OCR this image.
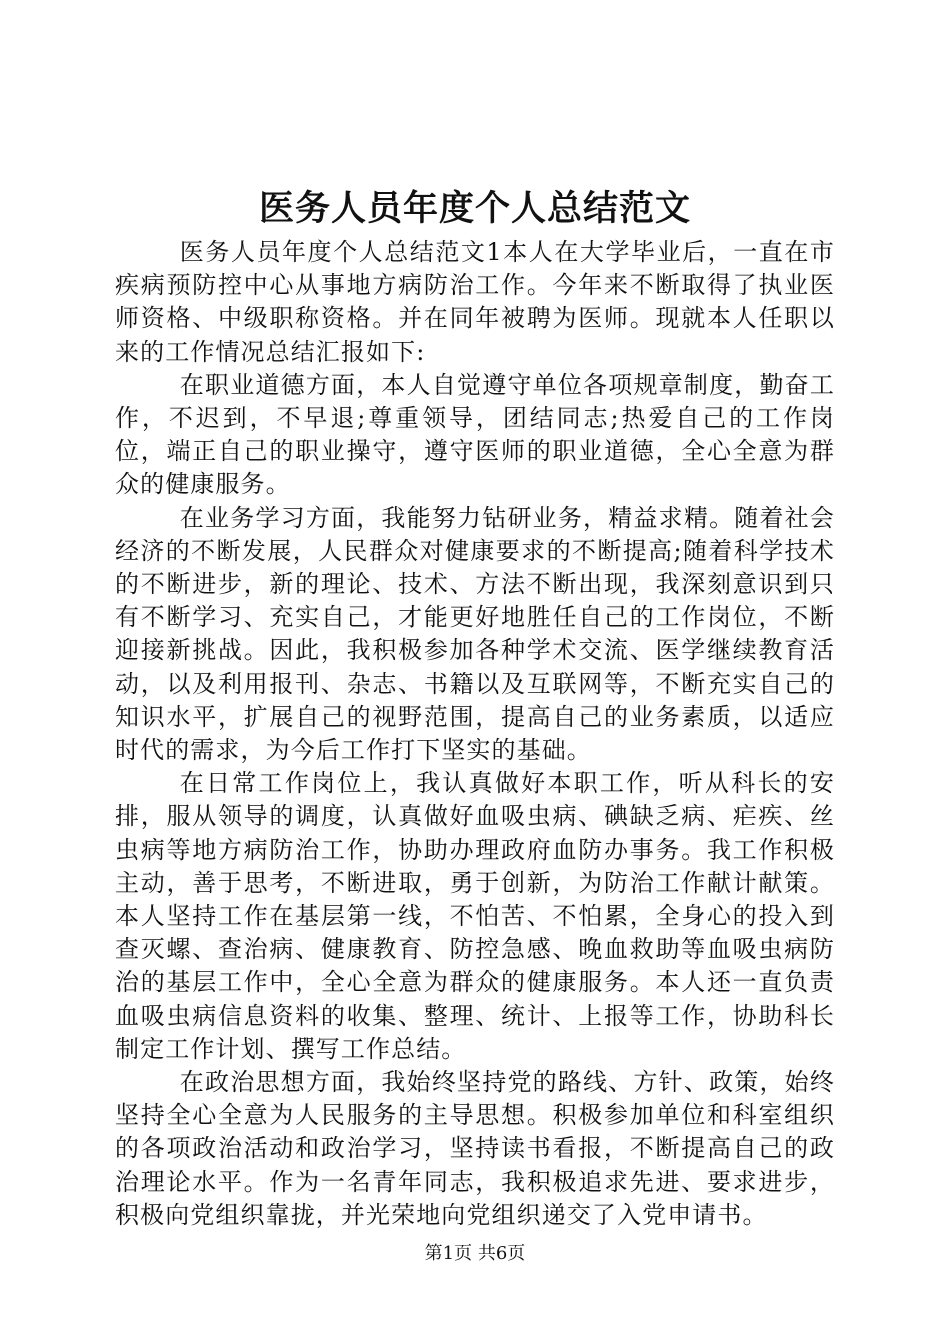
医务人员年度个人总结范文

医务人员年度个人总结范文1本人在大学毕业后，一直在市疾病预防控中心从事地方病防治工作。今年来不断取得了执业医师资格、中级职称资格。并在同年被聘为医师。现就本人任职以来的工作情况总结汇报如下:

在职业道德方面，本人自觉遵守单位各项规章制度，勤奋工作，不迟到，不早退;尊重领导，团结同志;热爱自己的工作岗位，端正自己的职业操守，遵守医师的职业道德，全心全意为群众的健康服务。

在业务学习方面，我能努力钻研业务，精益求精。随着社会经济的不断发展，人民群众对健康要求的不断提高;随着科学技术的不断进步，新的理论、技术、方法不断出现，我深刻意识到只有不断学习、充实自己，才能更好地胜任自己的工作岗位，不断迎接新挑战。因此，我积极参加各种学术交流、医学继续教育活动，以及利用报刊、杂志、书籍以及互联网等，不断充实自己的知识水平，扩展自己的视野范围，提高自己的业务素质，以适应时代的需求，为今后工作打下坚实的基础。

在日常工作岗位上，我认真做好本职工作，听从科长的安排，服从领导的调度，认真做好血吸虫病、碘缺乏病、疟疾、丝虫病等地方病防治工作，协助办理政府血防办事务。我工作积极主动，善于思考，不断进取，勇于创新，为防治工作献计献策。本人坚持工作在基层第一线，不怕苦、不怕累，全身心的投入到查灭螺、查治病、健康教育、防控急感、晚血救助等血吸虫病防治的基层工作中，全心全意为群众的健康服务。本人还一直负责血吸虫病信息资料的收集、整理、统计、上报等工作，协助科长制定工作计划、撰写工作总结。

在政治思想方面，我始终坚持党的路线、方针、政策，始终坚持全心全意为人民服务的主导思想。积极参加单位和科室组织的各项政治活动和政治学习，坚持读书看报，不断提高自己的政治理论水平。作为一名青年同志，我积极追求先进、要求进步，积极向党组织靠拢，并光荣地向党组织递交了入党申请书。

第1页 共6页
